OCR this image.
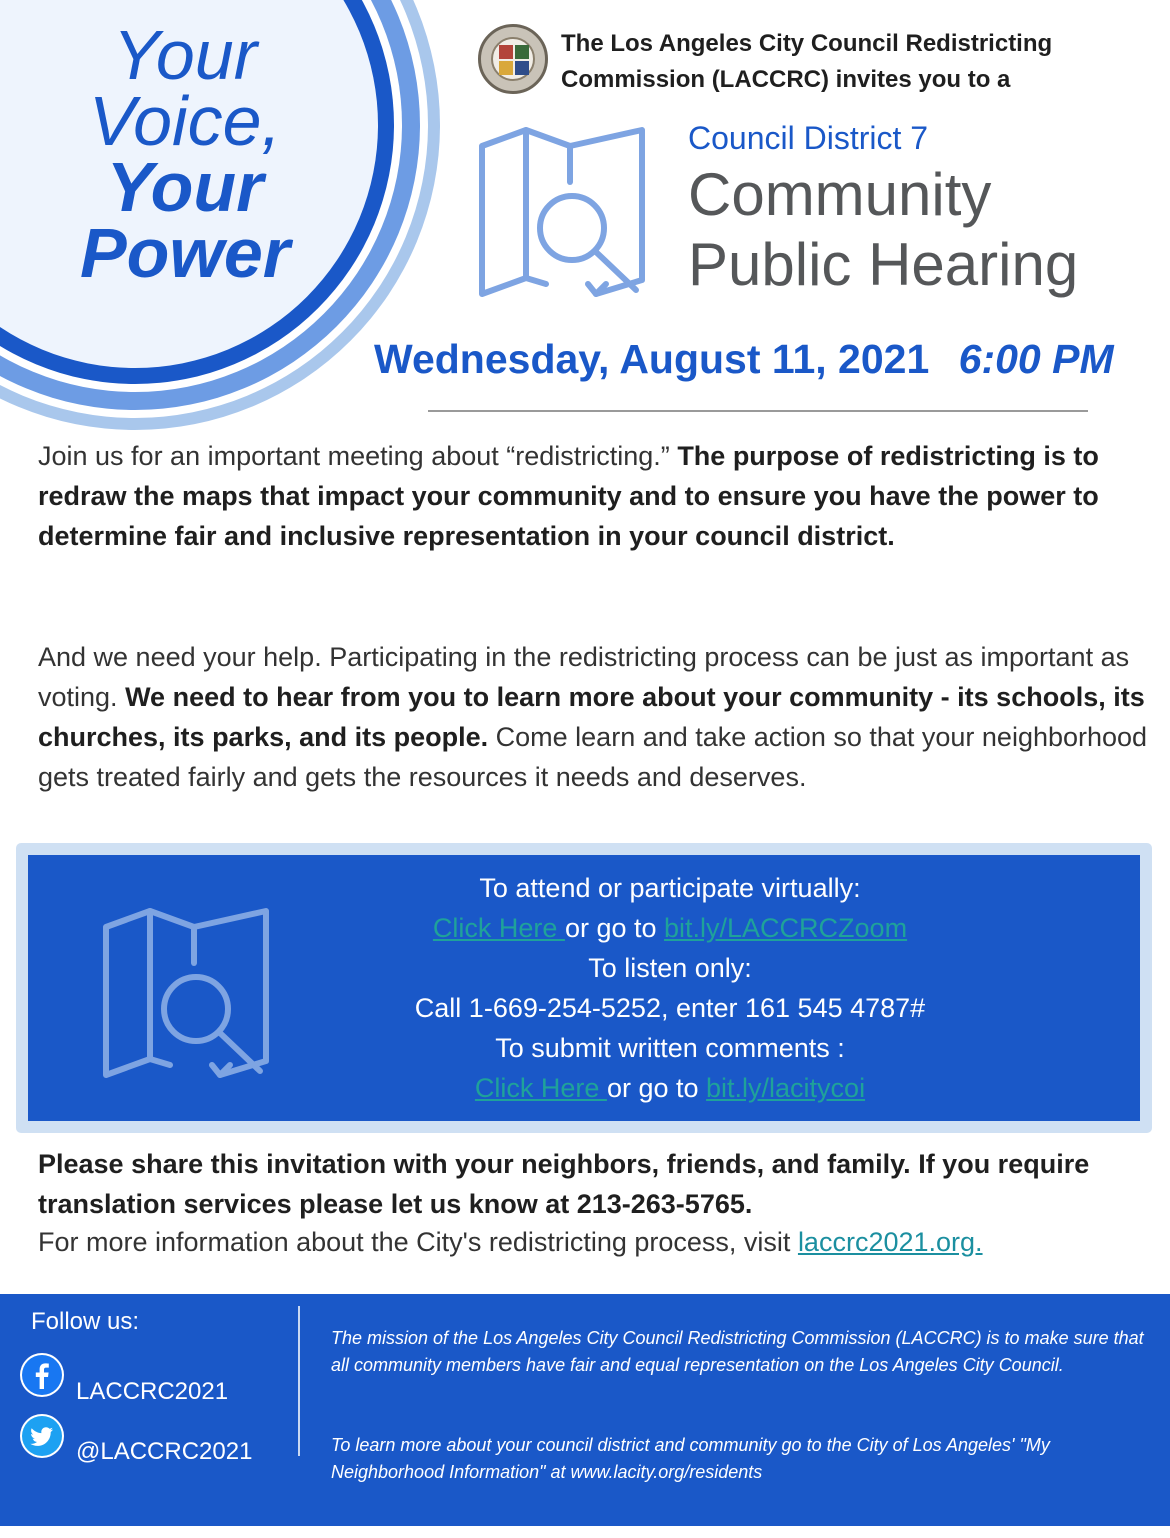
Your
Voice,
Your
Power
The Los Angeles City Council Redistricting
Commission (LACCRC) invites you to a
Council District 7
Community
Public Hearing
Wednesday, August 11, 2021 6:00 PM
Join us for an important meeting about “redistricting.” The purpose of redistricting is to redraw the maps that impact your community and to ensure you have the power to determine fair and inclusive representation in your council district.
And we need your help. Participating in the redistricting process can be just as important as voting. We need to hear from you to learn more about your community - its schools, its churches, its parks, and its people. Come learn and take action so that your neighborhood gets treated fairly and gets the resources it needs and deserves.
To attend or participate virtually:
Click Here or go to bit.ly/LACCRCZoom
To listen only:
Call 1-669-254-5252, enter 161 545 4787#
To submit written comments :
Click Here or go to bit.ly/lacitycoi
Please share this invitation with your neighbors, friends, and family. If you require translation services please let us know at 213-263-5765.
For more information about the City's redistricting process, visit laccrc2021.org.
Follow us:
LACCRC2021
@LACCRC2021
The mission of the Los Angeles City Council Redistricting Commission (LACCRC) is to make sure that all community members have fair and equal representation on the Los Angeles City Council.
To learn more about your council district and community go to the City of Los Angeles' "My Neighborhood Information" at www.lacity.org/residents
